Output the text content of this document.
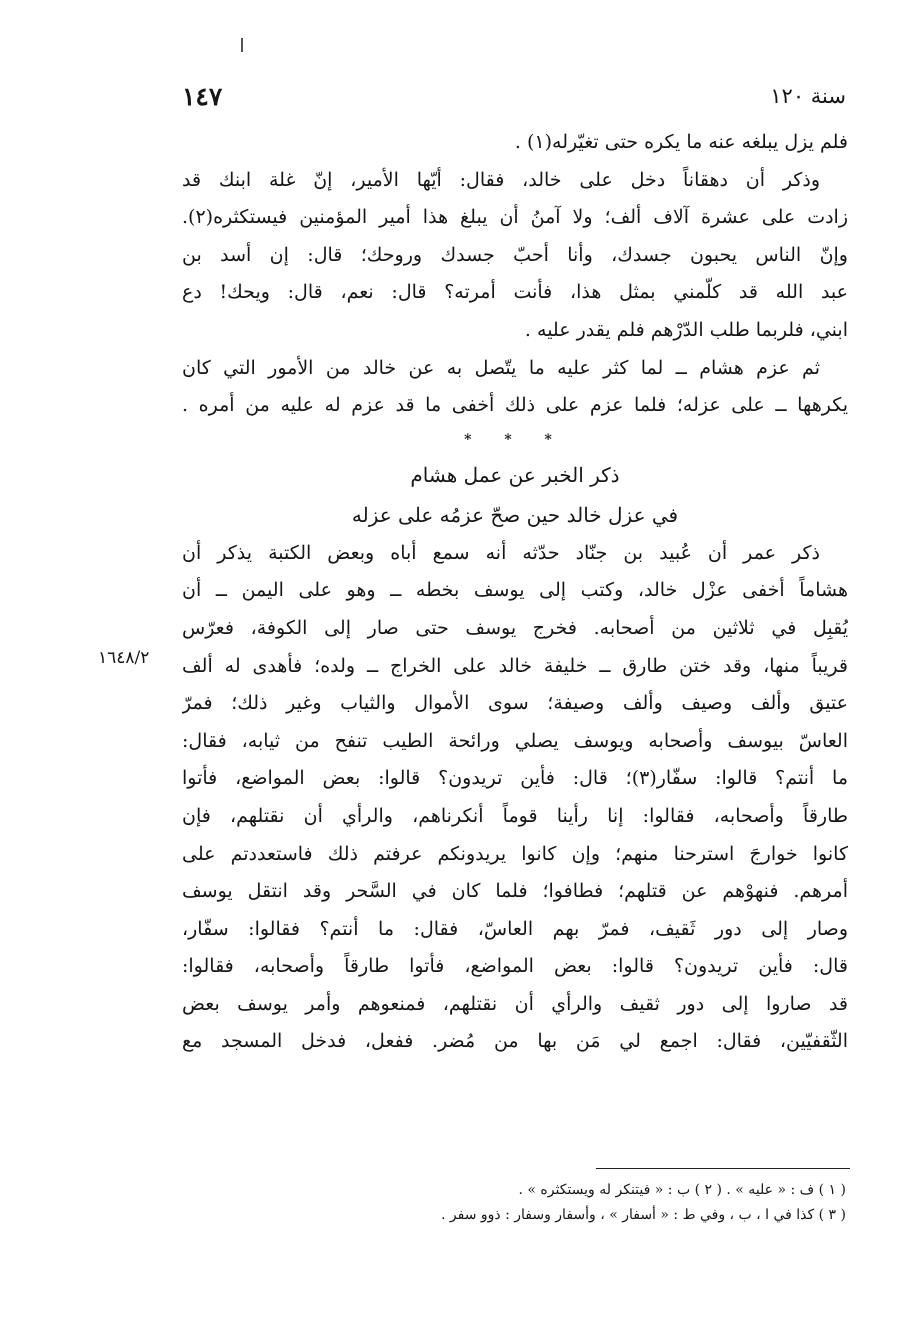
١٤٧	سنة ١٢٠
فلم يزل يبلغه عنه ما يكره حتى تغيّرله(١) .
وذكر أن دهقاناً دخل على خالد، فقال: أيّها الأمير، إنّ غلة ابنك قد
زادت على عشرة آلاف ألف؛ ولا آمنُ أن يبلغ هذا أمير المؤمنين فيستكثره(٢).
وإنّ الناس يحبون جسدك، وأنا أحبّ جسدك وروحك؛ قال: إن أسد بن
عبد الله قد كلّمني بمثل هذا، فأنت أمرته؟ قال: نعم، قال: ويحك! دع
ابني، فلربما طلب الدّرْهم فلم يقدر عليه .
ثم عزم هشام ــ لما كثر عليه ما يتّصل به عن خالد من الأمور التي كان
يكرهها ــ على عزله؛ فلما عزم على ذلك أخفى ما قد عزم له عليه من أمره .
* * *
ذكر الخبر عن عمل هشام
في عزل خالد حين صحّ عزمُه على عزله
ذكر عمر أن عُبيد بن جنّاد حدّثه أنه سمع أباه وبعض الكتبة يذكر أن
هشاماً أخفى عزْل خالد، وكتب إلى يوسف بخطه ــ وهو على اليمن ــ أن
يُقبِل في ثلاثين من أصحابه. فخرج يوسف حتى صار إلى الكوفة، فعرّس
قريباً منها، وقد ختن طارق ــ خليفة خالد على الخراج ــ ولده؛ فأهدى له ألف
عتيق وألف وصيف وألف وصيفة؛ سوى الأموال والثياب وغير ذلك؛ فمرّ
العاسّ بيوسف وأصحابه ويوسف يصلي ورائحة الطيب تنفح من ثيابه، فقال:
ما أنتم؟ قالوا: سفّار(٣)؛ قال: فأين تريدون؟ قالوا: بعض المواضع، فأتوا
طارقاً وأصحابه، فقالوا: إنا رأينا قوماً أنكرناهم، والرأي أن نقتلهم، فإن
كانوا خوارجَ استرحنا منهم؛ وإن كانوا يريدونكم عرفتم ذلك فاستعددتم على
أمرهم. فنهوْهم عن قتلهم؛ فطافوا؛ فلما كان في السَّحر وقد انتقل يوسف
وصار إلى دور ثَقيف، فمرّ بهم العاسّ، فقال: ما أنتم؟ فقالوا: سفّار،
قال: فأين تريدون؟ قالوا: بعض المواضع، فأتوا طارقاً وأصحابه، فقالوا:
قد صاروا إلى دور ثقيف والرأي أن نقتلهم، فمنعوهم وأمر يوسف بعض
الثّقفيّين، فقال: اجمع لي مَن بها من مُضر. ففعل، فدخل المسجد مع
١٦٤٨/٢
( ١ ) ف : « عليه » . ( ٢ ) ب : « فيتنكر له ويستكثره » .
( ٣ ) كذا في ا ، ب ، وفي ط : « أسفار » ، وأسفار وسفار : ذوو سفر .
